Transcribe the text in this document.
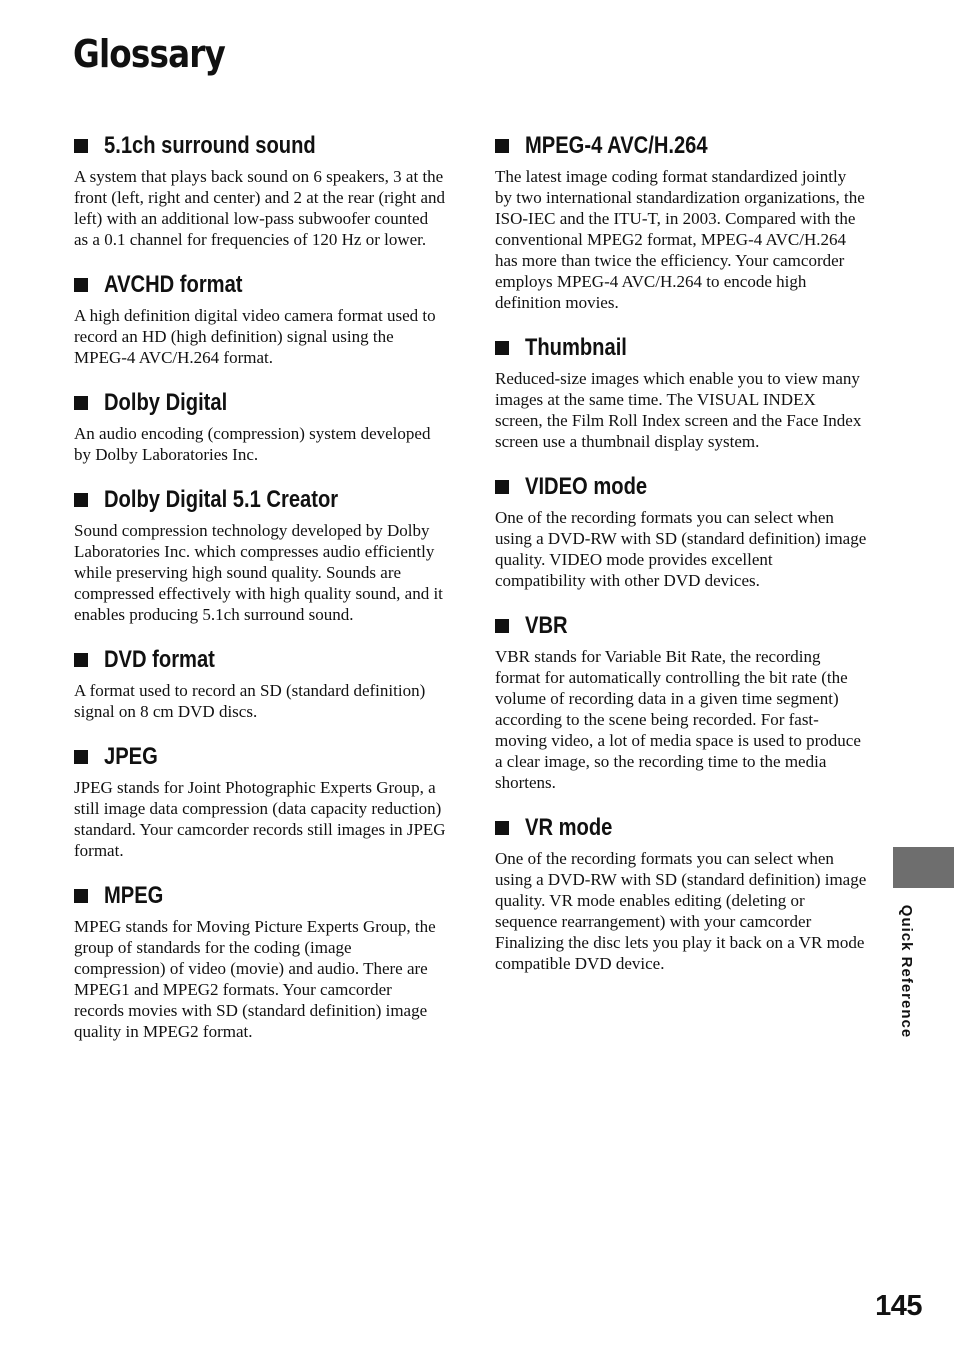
Glossary
5.1ch surround sound

A system that plays back sound on 6 speakers, 3 at the front (left, right and center) and 2 at the rear (right and left) with an additional low-pass subwoofer counted as a 0.1 channel for frequencies of 120 Hz or lower.

AVCHD format

A high definition digital video camera format used to record an HD (high definition) signal using the MPEG-4 AVC/H.264 format.

Dolby Digital

An audio encoding (compression) system developed by Dolby Laboratories Inc.

Dolby Digital 5.1 Creator

Sound compression technology developed by Dolby Laboratories Inc. which compresses audio efficiently while preserving high sound quality. Sounds are compressed effectively with high quality sound, and it enables producing 5.1ch surround sound.

DVD format

A format used to record an SD (standard definition) signal on 8 cm DVD discs.

JPEG

JPEG stands for Joint Photographic Experts Group, a still image data compression (data capacity reduction) standard. Your camcorder records still images in JPEG format.

MPEG

MPEG stands for Moving Picture Experts Group, the group of standards for the coding (image compression) of video (movie) and audio. There are MPEG1 and MPEG2 formats. Your camcorder records movies with SD (standard definition) image quality in MPEG2 format.

MPEG-4 AVC/H.264

The latest image coding format standardized jointly by two international standardization organizations, the ISO-IEC and the ITU-T, in 2003. Compared with the conventional MPEG2 format, MPEG-4 AVC/H.264 has more than twice the efficiency. Your camcorder employs MPEG-4 AVC/H.264 to encode high definition movies.

Thumbnail

Reduced-size images which enable you to view many images at the same time. The VISUAL INDEX screen, the Film Roll Index screen and the Face Index screen use a thumbnail display system.

VIDEO mode

One of the recording formats you can select when using a DVD-RW with SD (standard definition) image quality. VIDEO mode provides excellent compatibility with other DVD devices.

VBR

VBR stands for Variable Bit Rate, the recording format for automatically controlling the bit rate (the volume of recording data in a given time segment) according to the scene being recorded. For fast-moving video, a lot of media space is used to produce a clear image, so the recording time to the media shortens.

VR mode

One of the recording formats you can select when using a DVD-RW with SD (standard definition) image quality. VR mode enables editing (deleting or sequence rearrangement) with your camcorder Finalizing the disc lets you play it back on a VR mode compatible DVD device.	Quick Reference
145
